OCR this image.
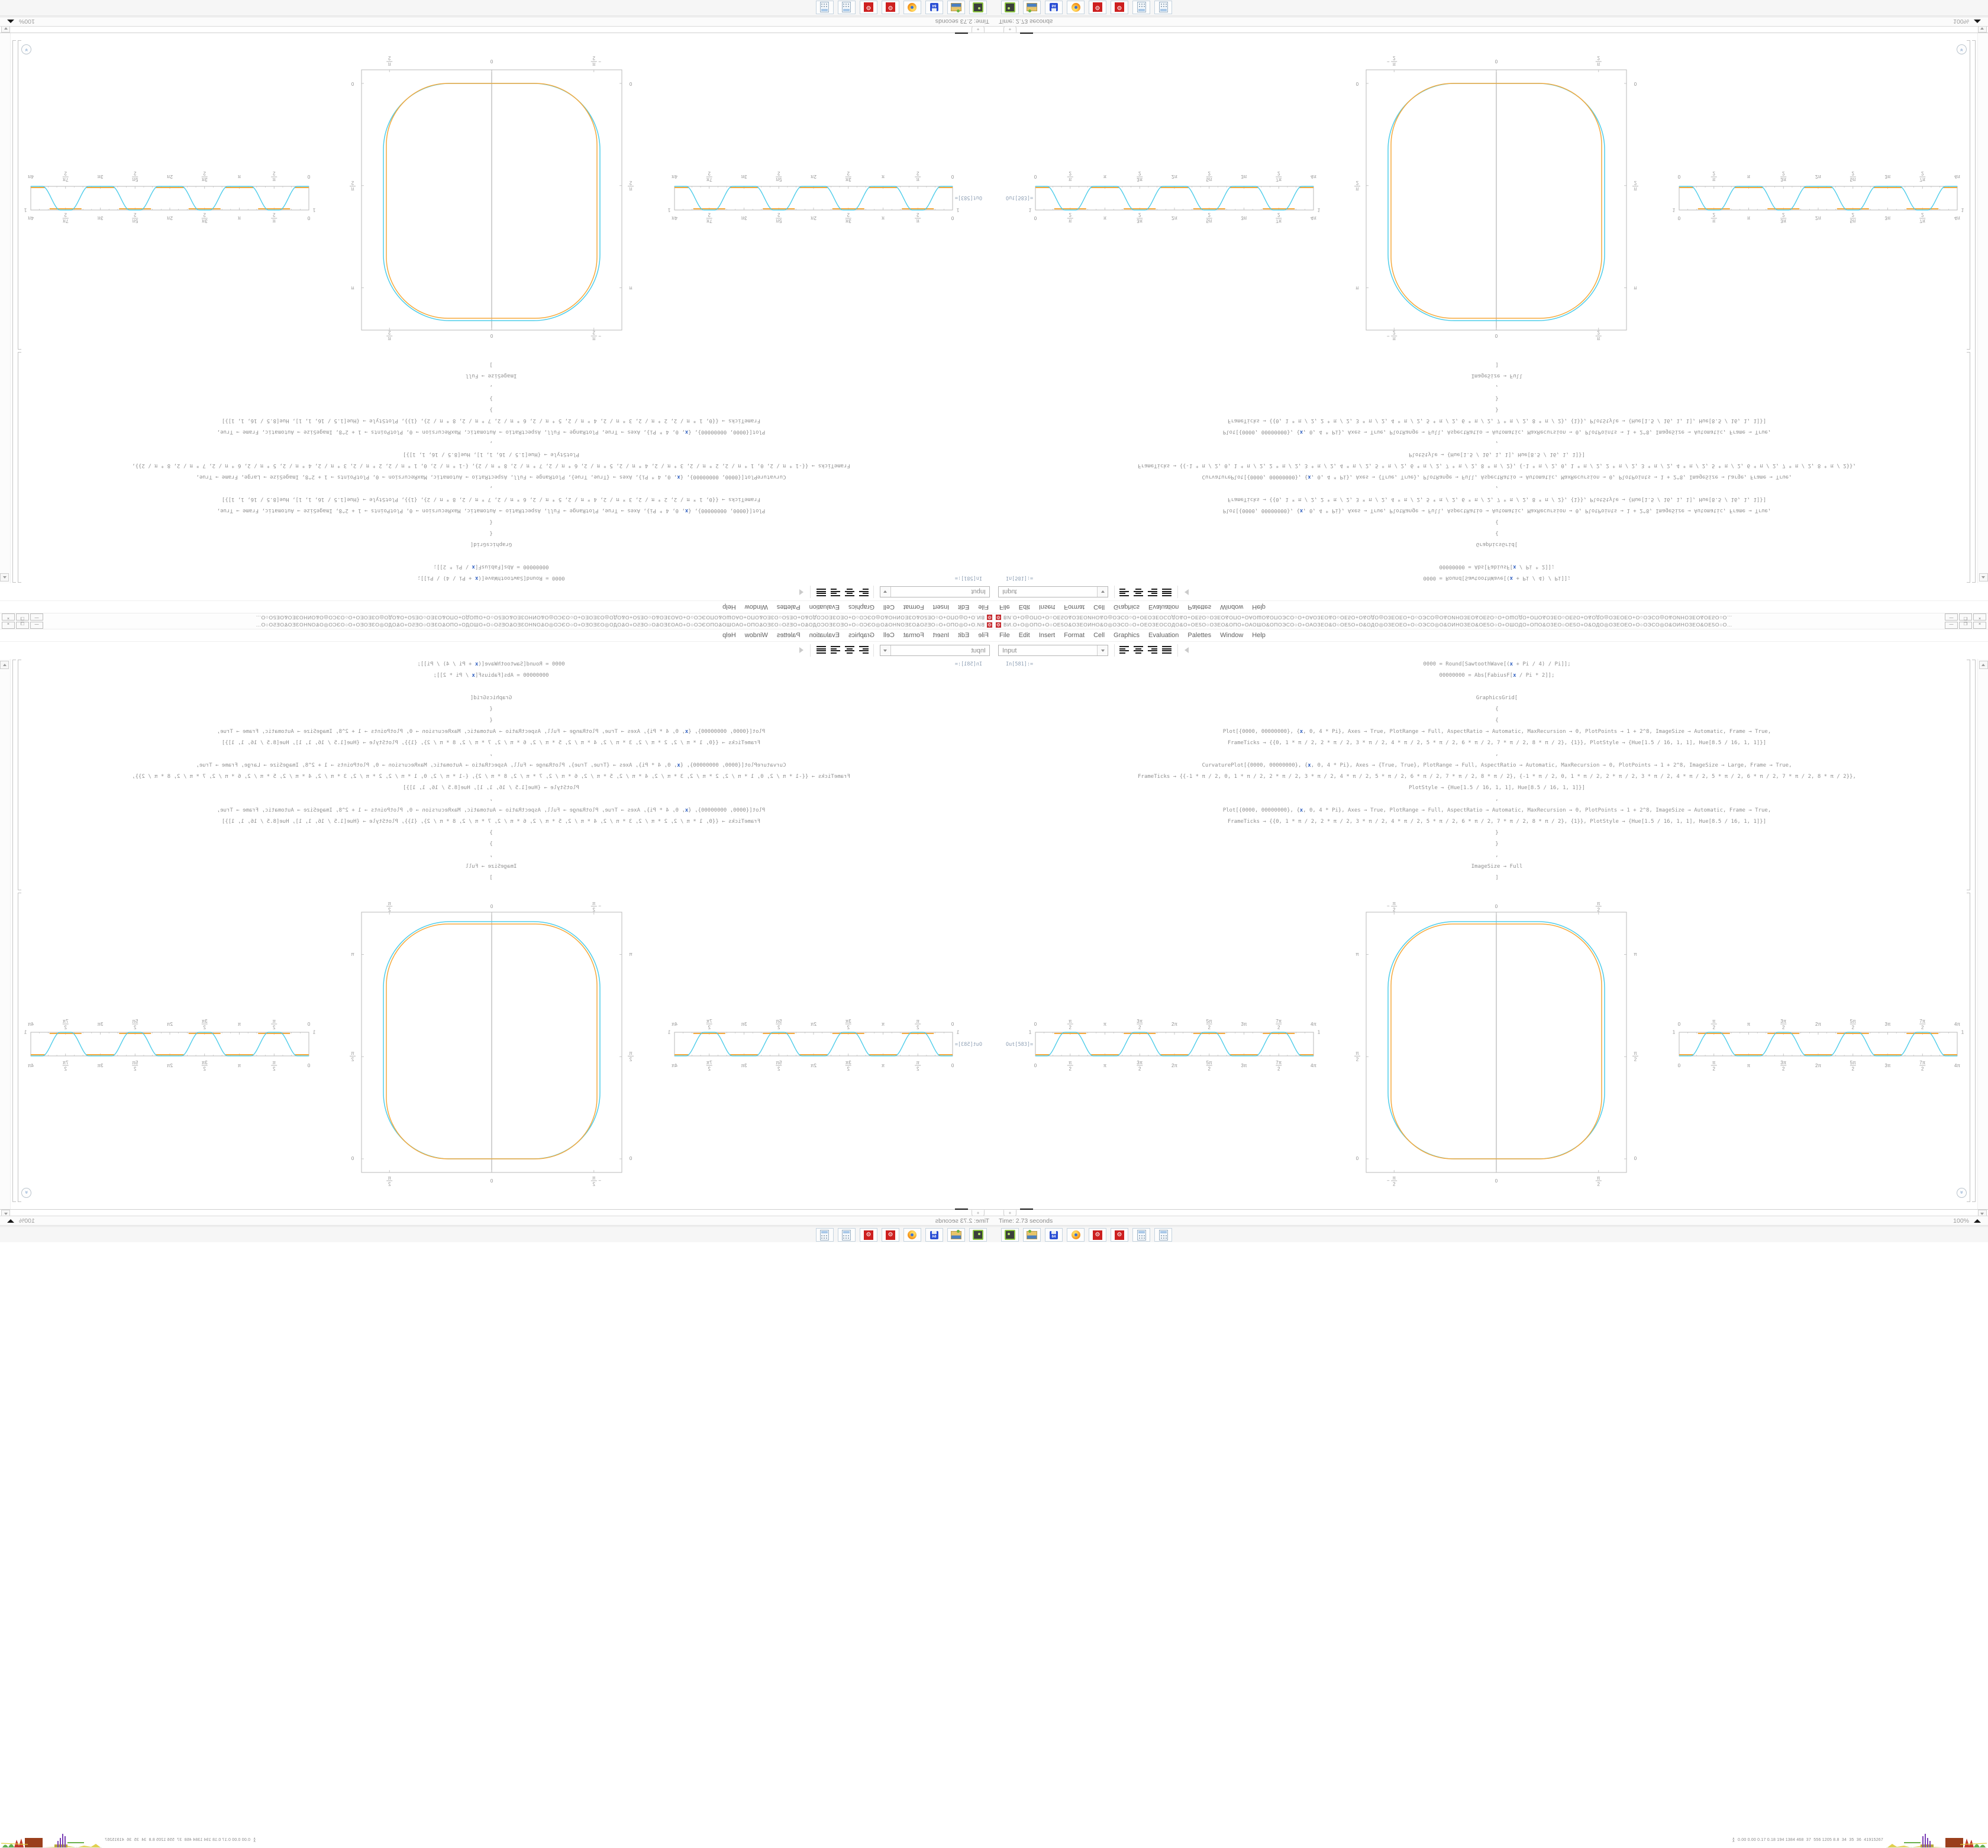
⚙ ВИ.О+О◎ОПО+О○ОЕ5О&ОЗЕОИНО&О◎ОЭСО○О+ОЕОЗЕОСОДО&О+ОЕ5О○ОЗЕО&ОПО+ОАОШО&ОПОЭСО○О+ОАОЗЕО&О○ОЕ5О+О&ОДО◎ОЗЕОЕО+О○ОЭСО◎О&ОИНОЗЕО&ОЕ5О○О+ОШОДО+ОПО&ОЗЕО○ОЕ5О+О&ОДО◎ОЗЕОЕО+О○ОЭСО◎О&ОИНОЗЕО&ОЕ5О○О…	—	❐	×
File Edit Insert Format Cell Graphics Evaluation Palettes Window Help
Input
In[581]:=	0000 = Round[SawtoothWave[(x + Pi / 4) / Pi]];
00000000 = Abs[FabiusF[x / Pi * 2]];

GraphicsGrid[
{
{
Plot[{0000, 00000000}, {x, 0, 4 * Pi}, Axes → True, PlotRange → Full, AspectRatio → Automatic, MaxRecursion → 0, PlotPoints → 1 + 2^8, ImageSize → Automatic, Frame → True,
FrameTicks → {{0, 1 * π / 2, 2 * π / 2, 3 * π / 2, 4 * π / 2, 5 * π / 2, 6 * π / 2, 7 * π / 2, 8 * π / 2}, {1}}, PlotStyle → {Hue[1.5 / 16, 1, 1], Hue[8.5 / 16, 1, 1]}]
,
CurvaturePlot[{0000, 00000000}, {x, 0, 4 * Pi}, Axes → {True, True}, PlotRange → Full, AspectRatio → Automatic, MaxRecursion → 0, PlotPoints → 1 + 2^8, ImageSize → Large, Frame → True,
FrameTicks → {{-1 * π / 2, 0, 1 * π / 2, 2 * π / 2, 3 * π / 2, 4 * π / 2, 5 * π / 2, 6 * π / 2, 7 * π / 2, 8 * π / 2}, {-1 * π / 2, 0, 1 * π / 2, 2 * π / 2, 3 * π / 2, 4 * π / 2, 5 * π / 2, 6 * π / 2, 7 * π / 2, 8 * π / 2}},
PlotStyle → {Hue[1.5 / 16, 1, 1], Hue[8.5 / 16, 1, 1]}]
,
Plot[{0000, 00000000}, {x, 0, 4 * Pi}, Axes → True, PlotRange → Full, AspectRatio → Automatic, MaxRecursion → 0, PlotPoints → 1 + 2^8, ImageSize → Automatic, Frame → True,
FrameTicks → {{0, 1 * π / 2, 2 * π / 2, 3 * π / 2, 4 * π / 2, 5 * π / 2, 6 * π / 2, 7 * π / 2, 8 * π / 2}, {1}}, PlotStyle → {Hue[1.5 / 16, 1, 1], Hue[8.5 / 16, 1, 1]}]
}
}
,
ImageSize → Full
]
Out[583]=
0
0
π
2
π
2
π
π
3π
2
3π
2
2π
2π
5π
2
5π
2
3π
3π
7π
2
7π
2
4π
4π
1	1
− π
2
− π
2
0
0
π
2
π
2
0	0
π
2
π
2
π	π
0
0
π
2
π
2
π
π
3π
2
3π
2
2π
2π
5π
2
5π
2
3π
3π
7π
2
7π
2
4π
4π
1	1
»
+
Time: 2.73 seconds	100%
64	⚙	⚙
∧
∧ 0.00 0.00 0.17 0.18 194 1384 468  37  556 1205 8.8  34  35  36  41915267
⚙
ВИ.О+О◎ОПО+О○ОЕ5О&ОЗЕОИНО&О◎ОЭСО○О+ОЕОЗЕОСОДО&О+ОЕ5О○ОЗЕО&ОПО+ОАОШО&ОПОЭСО○О+ОАОЗЕО&О○ОЕ5О+О&ОДО◎ОЗЕОЕО+О○ОЭСО◎О&ОИНОЗЕО&ОЕ5О○О+ОШОДО+ОПО&ОЗЕО○ОЕ5О+О&ОДО◎ОЗЕОЕО+О○ОЭСО◎О&ОИНОЗЕО&ОЕ5О○О…
—
❐
×
File
Edit
Insert
Format
Cell
Graphics
Evaluation
Palettes
Window
Help
Input
In[581]:=
0000 = Round[SawtoothWave[(x + Pi / 4) / Pi]];
00000000 = Abs[FabiusF[x / Pi * 2]];

GraphicsGrid[
{
{
Plot[{0000, 00000000}, {x, 0, 4 * Pi}, Axes → True, PlotRange → Full, AspectRatio → Automatic, MaxRecursion → 0, PlotPoints → 1 + 2^8, ImageSize → Automatic, Frame → True,
FrameTicks → {{0, 1 * π / 2, 2 * π / 2, 3 * π / 2, 4 * π / 2, 5 * π / 2, 6 * π / 2, 7 * π / 2, 8 * π / 2}, {1}}, PlotStyle → {Hue[1.5 / 16, 1, 1], Hue[8.5 / 16, 1, 1]}]
,
CurvaturePlot[{0000, 00000000}, {x, 0, 4 * Pi}, Axes → {True, True}, PlotRange → Full, AspectRatio → Automatic, MaxRecursion → 0, PlotPoints → 1 + 2^8, ImageSize → Large, Frame → True,
FrameTicks → {{-1 * π / 2, 0, 1 * π / 2, 2 * π / 2, 3 * π / 2, 4 * π / 2, 5 * π / 2, 6 * π / 2, 7 * π / 2, 8 * π / 2}, {-1 * π / 2, 0, 1 * π / 2, 2 * π / 2, 3 * π / 2, 4 * π / 2, 5 * π / 2, 6 * π / 2, 7 * π / 2, 8 * π / 2}},
PlotStyle → {Hue[1.5 / 16, 1, 1], Hue[8.5 / 16, 1, 1]}]
,
Plot[{0000, 00000000}, {x, 0, 4 * Pi}, Axes → True, PlotRange → Full, AspectRatio → Automatic, MaxRecursion → 0, PlotPoints → 1 + 2^8, ImageSize → Automatic, Frame → True,
FrameTicks → {{0, 1 * π / 2, 2 * π / 2, 3 * π / 2, 4 * π / 2, 5 * π / 2, 6 * π / 2, 7 * π / 2, 8 * π / 2}, {1}}, PlotStyle → {Hue[1.5 / 16, 1, 1], Hue[8.5 / 16, 1, 1]}]
}
}
,
ImageSize → Full
]
Out[583]=
0
0
π
2
π
2
π
π
3π
2
3π
2
2π
2π
5π
2
5π
2
3π
3π
7π
2
7π
2
4π
4π
1
1
−
π
2
−
π
2
0
0
π
2
π
2
0
0
π
2
π
2
π
π
0
0
π
2
π
2
π
π
3π
2
3π
2
2π
2π
5π
2
5π
2
3π
3π
7π
2
7π
2
4π
4π
1
1
»
+
Time: 2.73 seconds
100%
64
⚙
⚙
∧
∧
0.00 0.00 0.17 0.18 194 1384 468  37  556 1205 8.8  34  35  36  41915267
⚙ ВИ.О+О◎ОПО+О○ОЕ5О&ОЗЕОИНО&О◎ОЭСО○О+ОЕОЗЕОСОДО&О+ОЕ5О○ОЗЕО&ОПО+ОАОШО&ОПОЭСО○О+ОАОЗЕО&О○ОЕ5О+О&ОДО◎ОЗЕОЕО+О○ОЭСО◎О&ОИНОЗЕО&ОЕ5О○О+ОШОДО+ОПО&ОЗЕО○ОЕ5О+О&ОДО◎ОЗЕОЕО+О○ОЭСО◎О&ОИНОЗЕО&ОЕ5О○О…	—	❐	×
File Edit Insert Format Cell Graphics Evaluation Palettes Window Help
Input
In[581]:=	0000 = Round[SawtoothWave[(x + Pi / 4) / Pi]];
00000000 = Abs[FabiusF[x / Pi * 2]];

GraphicsGrid[
{
{
Plot[{0000, 00000000}, {x, 0, 4 * Pi}, Axes → True, PlotRange → Full, AspectRatio → Automatic, MaxRecursion → 0, PlotPoints → 1 + 2^8, ImageSize → Automatic, Frame → True,
FrameTicks → {{0, 1 * π / 2, 2 * π / 2, 3 * π / 2, 4 * π / 2, 5 * π / 2, 6 * π / 2, 7 * π / 2, 8 * π / 2}, {1}}, PlotStyle → {Hue[1.5 / 16, 1, 1], Hue[8.5 / 16, 1, 1]}]
,
CurvaturePlot[{0000, 00000000}, {x, 0, 4 * Pi}, Axes → {True, True}, PlotRange → Full, AspectRatio → Automatic, MaxRecursion → 0, PlotPoints → 1 + 2^8, ImageSize → Large, Frame → True,
FrameTicks → {{-1 * π / 2, 0, 1 * π / 2, 2 * π / 2, 3 * π / 2, 4 * π / 2, 5 * π / 2, 6 * π / 2, 7 * π / 2, 8 * π / 2}, {-1 * π / 2, 0, 1 * π / 2, 2 * π / 2, 3 * π / 2, 4 * π / 2, 5 * π / 2, 6 * π / 2, 7 * π / 2, 8 * π / 2}},
PlotStyle → {Hue[1.5 / 16, 1, 1], Hue[8.5 / 16, 1, 1]}]
,
Plot[{0000, 00000000}, {x, 0, 4 * Pi}, Axes → True, PlotRange → Full, AspectRatio → Automatic, MaxRecursion → 0, PlotPoints → 1 + 2^8, ImageSize → Automatic, Frame → True,
FrameTicks → {{0, 1 * π / 2, 2 * π / 2, 3 * π / 2, 4 * π / 2, 5 * π / 2, 6 * π / 2, 7 * π / 2, 8 * π / 2}, {1}}, PlotStyle → {Hue[1.5 / 16, 1, 1], Hue[8.5 / 16, 1, 1]}]
}
}
,
ImageSize → Full
]
Out[583]=
0
0
π
2
π
2
π
π
3π
2
3π
2
2π
2π
5π
2
5π
2
3π
3π
7π
2
7π
2
4π
4π
1	1
− π
2
− π
2
0
0
π
2
π
2
0	0
π
2
π
2
π	π
0
0
π
2
π
2
π
π
3π
2
3π
2
2π
2π
5π
2
5π
2
3π
3π
7π
2
7π
2
4π
4π
1	1
»
+
Time: 2.73 seconds	100%
64	⚙	⚙
⚙
ВИ.О+О◎ОПО+О○ОЕ5О&ОЗЕОИНО&О◎ОЭСО○О+ОЕОЗЕОСОДО&О+ОЕ5О○ОЗЕО&ОПО+ОАОШО&ОПОЭСО○О+ОАОЗЕО&О○ОЕ5О+О&ОДО◎ОЗЕОЕО+О○ОЭСО◎О&ОИНОЗЕО&ОЕ5О○О+ОШОДО+ОПО&ОЗЕО○ОЕ5О+О&ОДО◎ОЗЕОЕО+О○ОЭСО◎О&ОИНОЗЕО&ОЕ5О○О…
—
❐
×
File
Edit
Insert
Format
Cell
Graphics
Evaluation
Palettes
Window
Help
Input
In[581]:=
0000 = Round[SawtoothWave[(x + Pi / 4) / Pi]];
00000000 = Abs[FabiusF[x / Pi * 2]];

GraphicsGrid[
{
{
Plot[{0000, 00000000}, {x, 0, 4 * Pi}, Axes → True, PlotRange → Full, AspectRatio → Automatic, MaxRecursion → 0, PlotPoints → 1 + 2^8, ImageSize → Automatic, Frame → True,
FrameTicks → {{0, 1 * π / 2, 2 * π / 2, 3 * π / 2, 4 * π / 2, 5 * π / 2, 6 * π / 2, 7 * π / 2, 8 * π / 2}, {1}}, PlotStyle → {Hue[1.5 / 16, 1, 1], Hue[8.5 / 16, 1, 1]}]
,
CurvaturePlot[{0000, 00000000}, {x, 0, 4 * Pi}, Axes → {True, True}, PlotRange → Full, AspectRatio → Automatic, MaxRecursion → 0, PlotPoints → 1 + 2^8, ImageSize → Large, Frame → True,
FrameTicks → {{-1 * π / 2, 0, 1 * π / 2, 2 * π / 2, 3 * π / 2, 4 * π / 2, 5 * π / 2, 6 * π / 2, 7 * π / 2, 8 * π / 2}, {-1 * π / 2, 0, 1 * π / 2, 2 * π / 2, 3 * π / 2, 4 * π / 2, 5 * π / 2, 6 * π / 2, 7 * π / 2, 8 * π / 2}},
PlotStyle → {Hue[1.5 / 16, 1, 1], Hue[8.5 / 16, 1, 1]}]
,
Plot[{0000, 00000000}, {x, 0, 4 * Pi}, Axes → True, PlotRange → Full, AspectRatio → Automatic, MaxRecursion → 0, PlotPoints → 1 + 2^8, ImageSize → Automatic, Frame → True,
FrameTicks → {{0, 1 * π / 2, 2 * π / 2, 3 * π / 2, 4 * π / 2, 5 * π / 2, 6 * π / 2, 7 * π / 2, 8 * π / 2}, {1}}, PlotStyle → {Hue[1.5 / 16, 1, 1], Hue[8.5 / 16, 1, 1]}]
}
}
,
ImageSize → Full
]
Out[583]=
0
0
π
2
π
2
π
π
3π
2
3π
2
2π
2π
5π
2
5π
2
3π
3π
7π
2
7π
2
4π
4π
1
1
−
π
2
−
π
2
0
0
π
2
π
2
0
0
π
2
π
2
π
π
0
0
π
2
π
2
π
π
3π
2
3π
2
2π
2π
5π
2
5π
2
3π
3π
7π
2
7π
2
4π
4π
1
1
»
+
Time: 2.73 seconds
100%
64
⚙
⚙
